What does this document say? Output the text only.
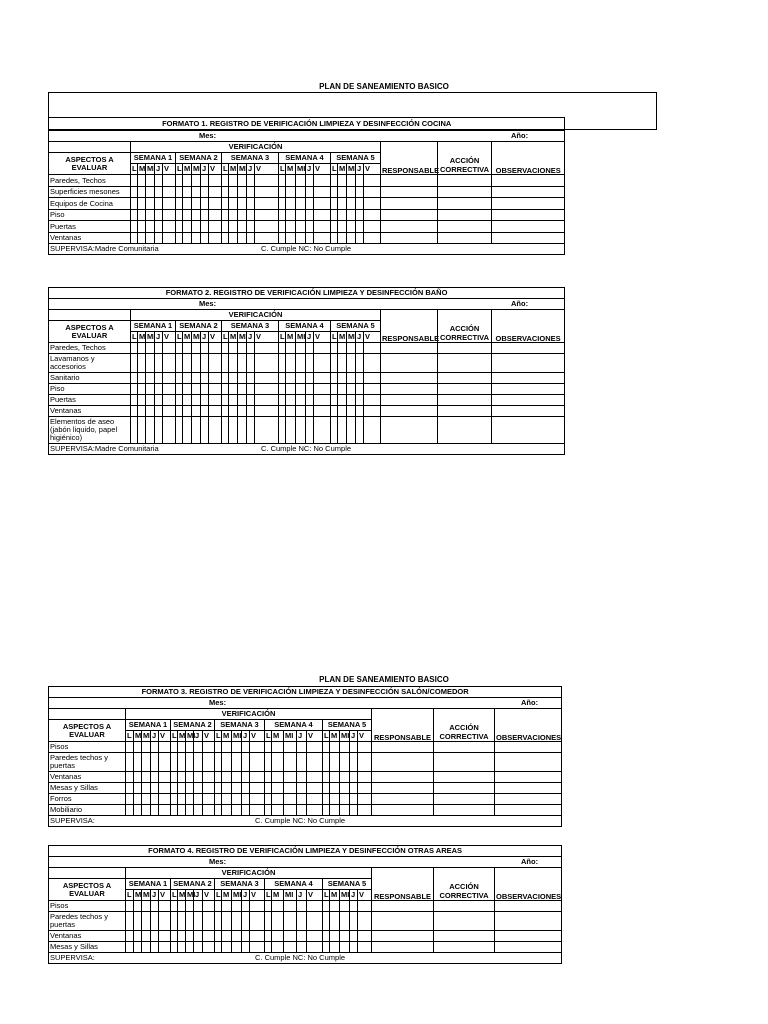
PLAN DE SANEAMIENTO BASICO
PLAN DE SANEAMIENTO BASICO
FORMATO 1. REGISTRO DE VERIFICACIÓN LIMPIEZA Y DESINFECCIÓN COCINA																												

Mes: Año:																												

	VERIFICACIÓN																									RESPONSABLE	ACCIÓN CORRECTIVA	OBSERVACIONES
ASPECTOS A EVALUAR	SEMANA 1					SEMANA 2					SEMANA 3					SEMANA 4					SEMANA 5							
	L	M	MI	J	V	L	M	MI	J	V	L	M	MI	J	V	L	M	MI	J	V	L	M	MI	J	V			
Paredes, Techos																												
Superficies mesones																												
Equipos de Cocina																												
Piso																												
Puertas																												
Ventanas																												
SUPERVISA:Madre Comunitaria C. Cumple NC: No Cumple																												
FORMATO 2. REGISTRO DE VERIFICACIÓN LIMPIEZA Y DESINFECCIÓN BAÑO																												

Mes: Año:																												

	VERIFICACIÓN																									RESPONSABLE	ACCIÓN CORRECTIVA	OBSERVACIONES
ASPECTOS A EVALUAR	SEMANA 1					SEMANA 2					SEMANA 3					SEMANA 4					SEMANA 5							
	L	M	MI	J	V	L	M	MI	J	V	L	M	MI	J	V	L	M	MI	J	V	L	M	MI	J	V			
Paredes, Techos																												
Lavamanos y accesorios																												
Sanitario																												
Piso																												
Puertas																												
Ventanas																												
Elementos de aseo (jabón liquido, papel higiénico)																												
SUPERVISA:Madre Comunitaria C. Cumple NC: No Cumple																												
FORMATO 3. REGISTRO DE VERIFICACIÓN LIMPIEZA Y DESINFECCIÓN SALÓN/COMEDOR																												

Mes: Año:																												

	VERIFICACIÓN																									RESPONSABLE	ACCIÓN CORRECTIVA	OBSERVACIONES
ASPECTOS A EVALUAR	SEMANA 1					SEMANA 2					SEMANA 3					SEMANA 4					SEMANA 5							
	L	M	MI	J	V	L	M	MI	J	V	L	M	MI	J	V	L	M	MI	J	V	L	M	MI	J	V			
Pisos																												
Paredes techos y puertas																												
Ventanas																												
Mesas y Sillas																												
Forros																												
Mobiliario																												
SUPERVISA: C. Cumple NC: No Cumple																												
FORMATO 4. REGISTRO DE VERIFICACIÓN LIMPIEZA Y DESINFECCIÓN OTRAS AREAS																												

Mes: Año:																												

	VERIFICACIÓN																									RESPONSABLE	ACCIÓN CORRECTIVA	OBSERVACIONES
ASPECTOS A EVALUAR	SEMANA 1					SEMANA 2					SEMANA 3					SEMANA 4					SEMANA 5							
	L	M	MI	J	V	L	M	MI	J	V	L	M	MI	J	V	L	M	MI	J	V	L	M	MI	J	V			
Pisos																												
Paredes techos y puertas																												
Ventanas																												
Mesas y Sillas																												
SUPERVISA: C. Cumple NC: No Cumple																												
